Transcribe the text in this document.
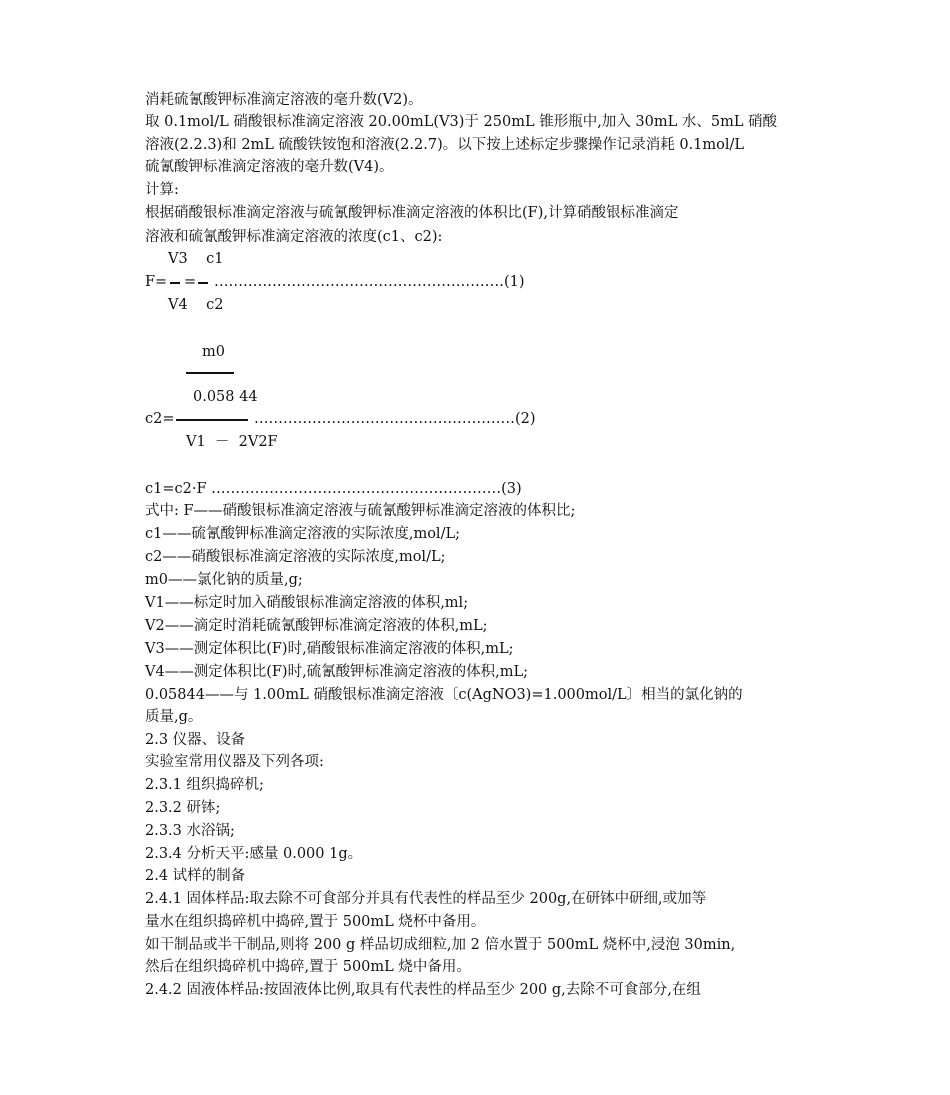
消耗硫氰酸钾标准滴定溶液的毫升数(V2)。
取 0.1mol/L 硝酸银标准滴定溶液 20.00mL(V3)于 250mL 锥形瓶中,加入 30mL 水、5mL 硝酸
溶液(2.2.3)和 2mL 硫酸铁铵饱和溶液(2.2.7)。以下按上述标定步骤操作记录消耗 0.1mol/L
硫氰酸钾标准滴定溶液的毫升数(V4)。
计算:
根据硝酸银标准滴定溶液与硫氰酸钾标准滴定溶液的体积比(F),计算硝酸银标准滴定
溶液和硫氰酸钾标准滴定溶液的浓度(c1、c2):
V3    c1
F= = ……………………………………………………(1)
V4    c2
m0
0.058 44
c2=	………………………………………………(2)
V1  －  2V2F
c1=c2·F ……………………………………………………(3)
式中: F——硝酸银标准滴定溶液与硫氰酸钾标准滴定溶液的体积比;
c1——硫氰酸钾标准滴定溶液的实际浓度,mol/L;
c2——硝酸银标准滴定溶液的实际浓度,mol/L;
m0——氯化钠的质量,g;
V1——标定时加入硝酸银标准滴定溶液的体积,ml;
V2——滴定时消耗硫氰酸钾标准滴定溶液的体积,mL;
V3——测定体积比(F)时,硝酸银标准滴定溶液的体积,mL;
V4——测定体积比(F)时,硫氰酸钾标准滴定溶液的体积,mL;
0.05844——与 1.00mL 硝酸银标准滴定溶液〔c(AgNO3)=1.000mol/L〕相当的氯化钠的
质量,g。
2.3 仪器、设备
实验室常用仪器及下列各项:
2.3.1 组织捣碎机;
2.3.2 研钵;
2.3.3 水浴锅;
2.3.4 分析天平:感量 0.000 1g。
2.4 试样的制备
2.4.1 固体样品:取去除不可食部分并具有代表性的样品至少 200g,在研钵中研细,或加等
量水在组织捣碎机中捣碎,置于 500mL 烧杯中备用。
如干制品或半干制品,则将 200 g 样品切成细粒,加 2 倍水置于 500mL 烧杯中,浸泡 30min,
然后在组织捣碎机中捣碎,置于 500mL 烧中备用。
2.4.2 固液体样品:按固液体比例,取具有代表性的样品至少 200 g,去除不可食部分,在组
